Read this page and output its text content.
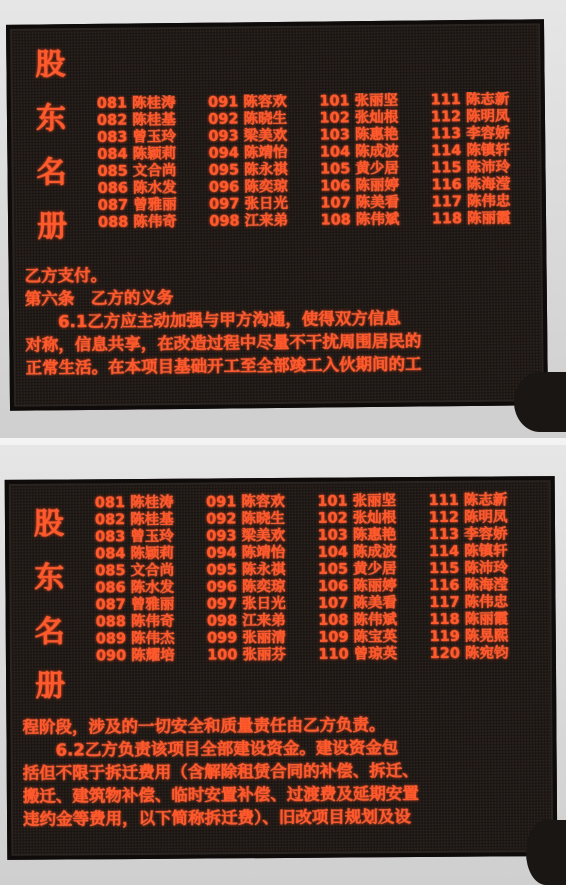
股
东
名
册
081 陈桂涛	091 陈容欢	101 张丽坚	111 陈志新
082 陈桂基	092 陈晓生	102 张灿根	112 陈明凤
083 曾玉玲	093 梁美欢	103 陈惠艳	113 李容娇
084 陈颖莉	094 陈靖怡	104 陈成波	114 陈镇轩
085 文合尚	095 陈永祺	105 黄少居	115 陈沛玲
086 陈水发	096 陈奕琼	106 陈丽婷	116 陈海滢
087 曾雅丽	097 张日光	107 陈美看	117 陈伟忠
088 陈伟奇	098 江来弟	108 陈伟斌	118 陈丽霞
乙方支付。
第六条　乙方的义务
　　6.1乙方应主动加强与甲方沟通，使得双方信息
对称，信息共享，在改造过程中尽量不干扰周围居民的
正常生活。在本项目基础开工至全部竣工入伙期间的工
股
东
名
册
081 陈桂涛	091 陈容欢	101 张丽坚	111 陈志新
082 陈桂基	092 陈晓生	102 张灿根	112 陈明凤
083 曾玉玲	093 梁美欢	103 陈惠艳	113 李容娇
084 陈颖莉	094 陈靖怡	104 陈成波	114 陈镇轩
085 文合尚	095 陈永祺	105 黄少居	115 陈沛玲
086 陈水发	096 陈奕琼	106 陈丽婷	116 陈海滢
087 曾雅丽	097 张日光	107 陈美看	117 陈伟忠
088 陈伟奇	098 江来弟	108 陈伟斌	118 陈丽霞
089 陈伟杰	099 张丽清	109 陈宝英	119 陈晃熙
090 陈耀培	100 张丽芬	110 曾琼英	120 陈宛钧
程阶段，涉及的一切安全和质量责任由乙方负责。
　　6.2乙方负责该项目全部建设资金。建设资金包
括但不限于拆迁费用（含解除租赁合同的补偿、拆迁、
搬迁、建筑物补偿、临时安置补偿、过渡费及延期安置
违约金等费用，以下简称拆迁费）、旧改项目规划及设
